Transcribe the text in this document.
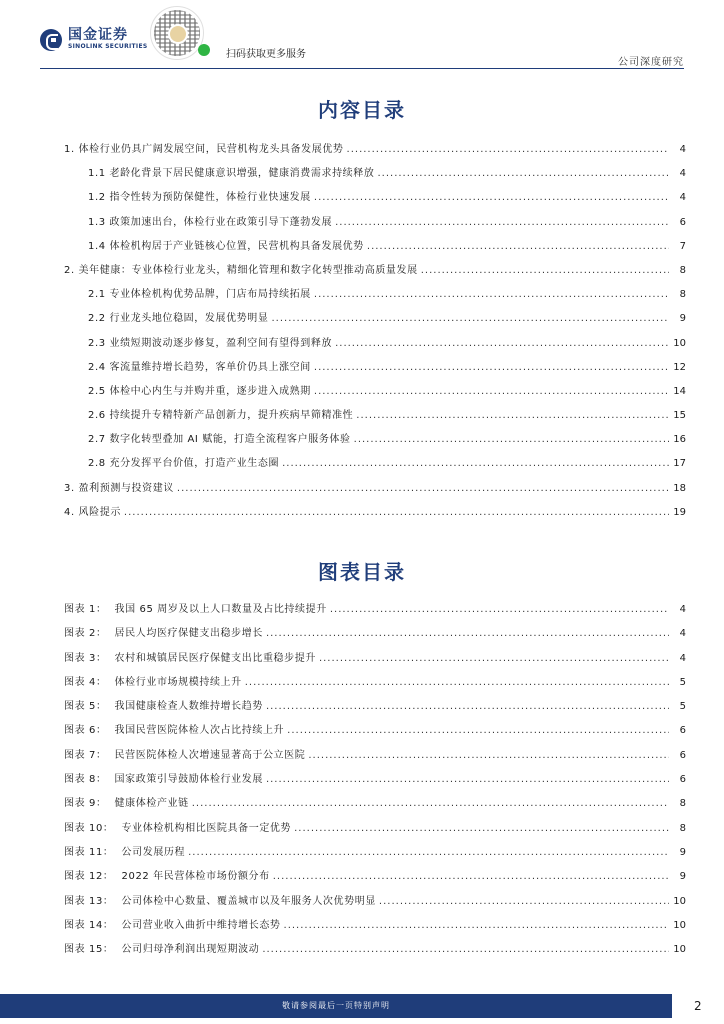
国金证券
SINOLINK SECURITIES
扫码获取更多服务
公司深度研究
内容目录
1. 体检行业仍具广阔发展空间，民营机构龙头具备发展优势 .....	4
1.1 老龄化背景下居民健康意识增强，健康消费需求持续释放 .....	4
1.2 指令性转为预防保健性，体检行业快速发展 .....	4
1.3 政策加速出台，体检行业在政策引导下蓬勃发展 .....	6
1.4 体检机构居于产业链核心位置，民营机构具备发展优势 .....	7
2. 美年健康：专业体检行业龙头，精细化管理和数字化转型推动高质量发展 .....	8
2.1 专业体检机构优势品牌，门店布局持续拓展 .....	8
2.2 行业龙头地位稳固，发展优势明显 .....	9
2.3 业绩短期波动逐步修复，盈利空间有望得到释放 .....	10
2.4 客流量维持增长趋势，客单价仍具上涨空间 .....	12
2.5 体检中心内生与并购并重，逐步进入成熟期 .....	14
2.6 持续提升专精特新产品创新力，提升疾病早筛精准性 .....	15
2.7 数字化转型叠加 AI 赋能，打造全流程客户服务体验 .....	16
2.8 充分发挥平台价值，打造产业生态圈 .....	17
3. 盈利预测与投资建议 .....	18
4. 风险提示 .....	19
图表目录
图表 1： 我国 65 周岁及以上人口数量及占比持续提升 .....	4
图表 2： 居民人均医疗保健支出稳步增长 .....	4
图表 3： 农村和城镇居民医疗保健支出比重稳步提升 .....	4
图表 4： 体检行业市场规模持续上升 .....	5
图表 5： 我国健康检查人数维持增长趋势 .....	5
图表 6： 我国民营医院体检人次占比持续上升 .....	6
图表 7： 民营医院体检人次增速显著高于公立医院 .....	6
图表 8： 国家政策引导鼓励体检行业发展 .....	6
图表 9： 健康体检产业链 .....	8
图表 10： 专业体检机构相比医院具备一定优势 .....	8
图表 11： 公司发展历程 .....	9
图表 12： 2022 年民营体检市场份额分布 .....	9
图表 13： 公司体检中心数量、覆盖城市以及年服务人次优势明显 .....	10
图表 14： 公司营业收入曲折中维持增长态势 .....	10
图表 15： 公司归母净利润出现短期波动 .....	10
敬请参阅最后一页特别声明	2
